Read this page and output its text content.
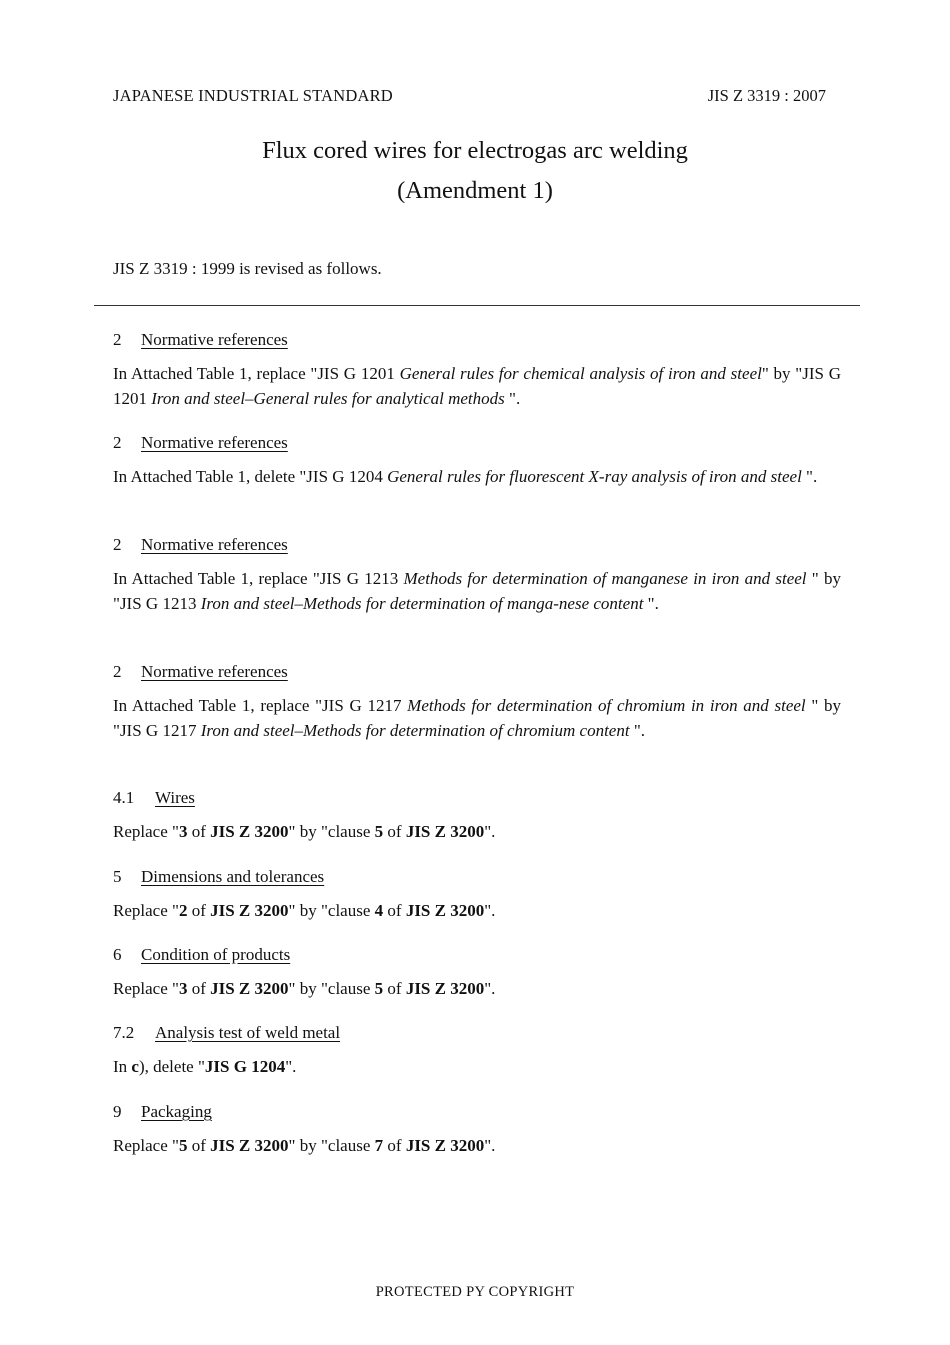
JAPANESE INDUSTRIAL STANDARD	JIS Z 3319 : 2007
Flux cored wires for electrogas arc welding
(Amendment 1)
JIS Z 3319 : 1999 is revised as follows.
2 Normative references
In Attached Table 1, replace "JIS G 1201 General rules for chemical analysis of iron and steel" by "JIS G 1201 Iron and steel–General rules for analytical methods ".
2 Normative references
In Attached Table 1, delete "JIS G 1204 General rules for fluorescent X-ray analysis of iron and steel ".
2 Normative references
In Attached Table 1, replace "JIS G 1213 Methods for determination of manganese in iron and steel " by "JIS G 1213 Iron and steel–Methods for determination of manga-nese content ".
2 Normative references
In Attached Table 1, replace "JIS G 1217 Methods for determination of chromium in iron and steel " by "JIS G 1217 Iron and steel–Methods for determination of chromium content ".
4.1 Wires
Replace "3 of JIS Z 3200" by "clause 5 of JIS Z 3200".
5 Dimensions and tolerances
Replace "2 of JIS Z 3200" by "clause 4 of JIS Z 3200".
6 Condition of products
Replace "3 of JIS Z 3200" by "clause 5 of JIS Z 3200".
7.2 Analysis test of weld metal
In c), delete "JIS G 1204".
9 Packaging
Replace "5 of JIS Z 3200" by "clause 7 of JIS Z 3200".
PROTECTED PY COPYRIGHT
